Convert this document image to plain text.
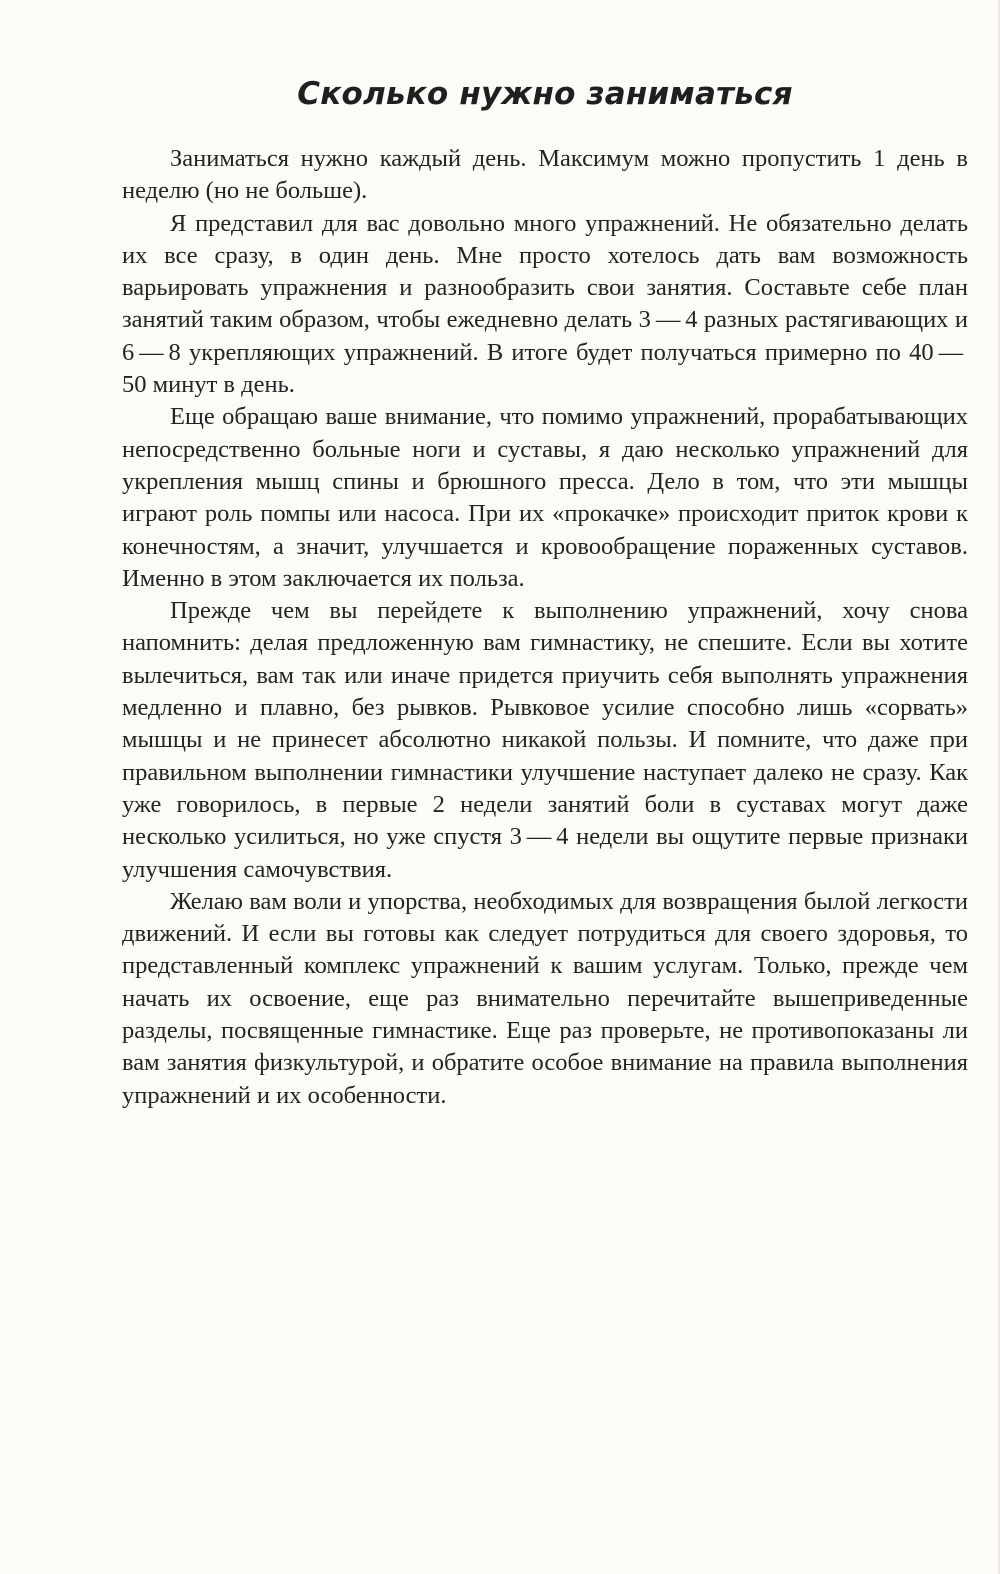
Сколько нужно заниматься

Заниматься нужно каждый день. Максимум можно пропустить 1 день в неделю (но не больше).

Я представил для вас довольно много упражнений. Не обязательно делать их все сразу, в один день. Мне просто хотелось дать вам возможность варьировать упражнения и разнообразить свои занятия. Составьте себе план занятий таким образом, чтобы ежедневно делать 3 — 4 разных растягивающих и 6 — 8 укрепляющих упражнений. В итоге будет получаться примерно по 40 — 50 минут в день.

Еще обращаю ваше внимание, что помимо упражнений, прорабатывающих непосредственно больные ноги и суставы, я даю несколько упражнений для укрепления мышц спины и брюшного пресса. Дело в том, что эти мышцы играют роль помпы или насоса. При их «прокачке» происходит приток крови к конечностям, а значит, улучшается и кровообращение пораженных суставов. Именно в этом заключается их польза.

Прежде чем вы перейдете к выполнению упражнений, хочу снова напомнить: делая предложенную вам гимнастику, не спешите. Если вы хотите вылечиться, вам так или иначе придется приучить себя выполнять упражнения медленно и плавно, без рывков. Рывковое усилие способно лишь «сорвать» мышцы и не принесет абсолютно никакой пользы. И помните, что даже при правильном выполнении гимнастики улучшение наступает далеко не сразу. Как уже говорилось, в первые 2 недели занятий боли в суставах могут даже несколько усилиться, но уже спустя 3 — 4 недели вы ощутите первые признаки улучшения самочувствия.

Желаю вам воли и упорства, необходимых для возвращения былой легкости движений. И если вы готовы как следует потрудиться для своего здоровья, то представленный комплекс упражнений к вашим услугам. Только, прежде чем начать их освоение, еще раз внимательно перечитайте вышеприведенные разделы, посвященные гимнастике. Еще раз проверьте, не противопоказаны ли вам занятия физкультурой, и обратите особое внимание на правила выполнения упражнений и их особенности.
